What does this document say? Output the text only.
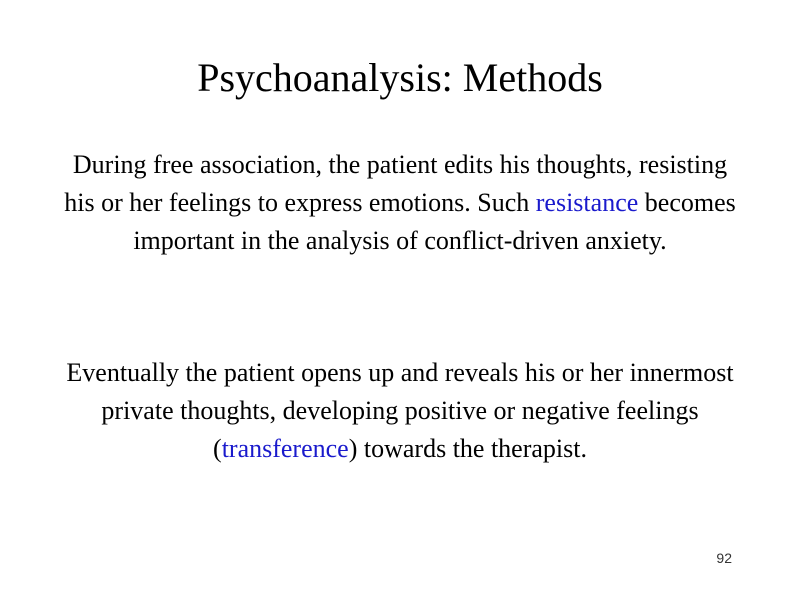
Psychoanalysis: Methods

During free association, the patient edits his thoughts, resisting his or her feelings to express emotions. Such resistance becomes important in the analysis of conflict-driven anxiety.

Eventually the patient opens up and reveals his or her innermost private thoughts, developing positive or negative feelings (transference) towards the therapist.

92
